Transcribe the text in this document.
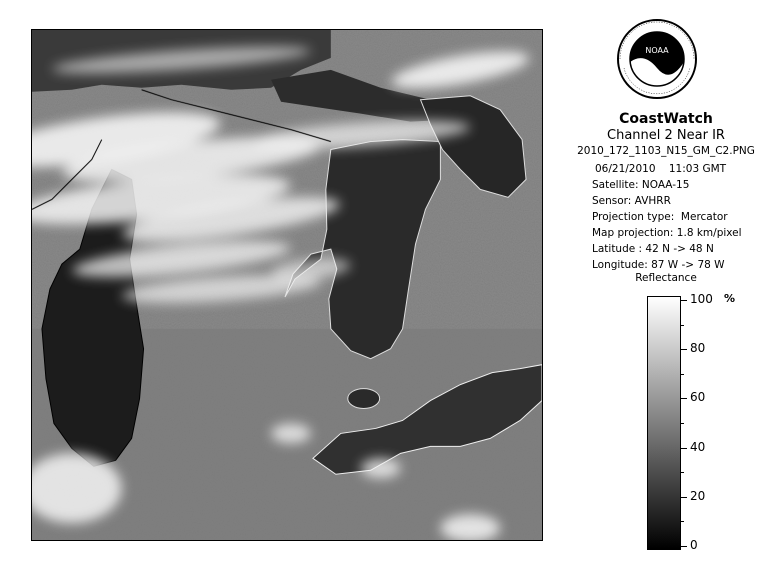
NOAA
CoastWatch
Channel 2 Near IR
2010_172_1103_N15_GM_C2.PNG
06/21/2010    11:03 GMT
Satellite: NOAA-15
Sensor: AVHRR
Projection type:  Mercator
Map projection: 1.8 km/pixel
Latitude : 42 N -> 48 N
Longitude: 87 W -> 78 W
Reflectance
%
100
80
60
40
20
0
